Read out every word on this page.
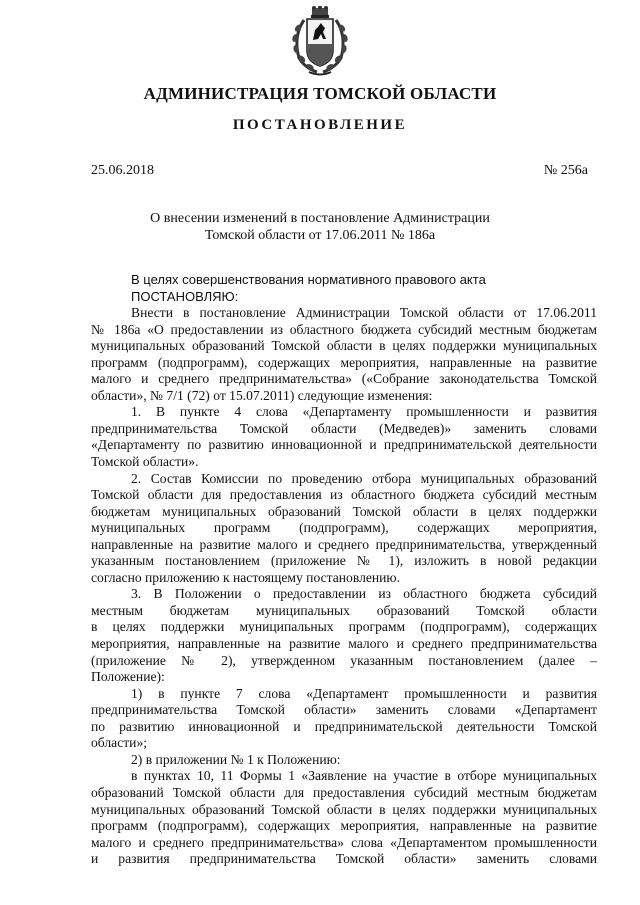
АДМИНИСТРАЦИЯ ТОМСКОЙ ОБЛАСТИ
ПОСТАНОВЛЕНИЕ
25.06.2018	№ 256а
О внесении изменений в постановление Администрации
Томской области от 17.06.2011 № 186а
В целях совершенствования нормативного правового акта
ПОСТАНОВЛЯЮ:
Внести в постановление Администрации Томской области от 17.06.2011
№ 186а «О предоставлении из областного бюджета субсидий местным бюджетам
муниципальных образований Томской области в целях поддержки муниципальных
программ (подпрограмм), содержащих мероприятия, направленные на развитие
малого и среднего предпринимательства» («Собрание законодательства Томской
области», № 7/1 (72) от 15.07.2011) следующие изменения:
1. В пункте 4 слова «Департаменту промышленности и развития
предпринимательства Томской области (Медведев)» заменить словами
«Департаменту по развитию инновационной и предпринимательской деятельности
Томской области».
2. Состав Комиссии по проведению отбора муниципальных образований
Томской области для предоставления из областного бюджета субсидий местным
бюджетам муниципальных образований Томской области в целях поддержки
муниципальных программ (подпрограмм), содержащих мероприятия,
направленные на развитие малого и среднего предпринимательства, утвержденный
указанным постановлением (приложение № 1), изложить в новой редакции
согласно приложению к настоящему постановлению.
3. В Положении о предоставлении из областного бюджета субсидий
местным бюджетам муниципальных образований Томской области
в целях поддержки муниципальных программ (подпрограмм), содержащих
мероприятия, направленные на развитие малого и среднего предпринимательства
(приложение № 2), утвержденном указанным постановлением (далее –
Положение):
1) в пункте 7 слова «Департамент промышленности и развития
предпринимательства Томской области» заменить словами «Департамент
по развитию инновационной и предпринимательской деятельности Томской
области»;
2) в приложении № 1 к Положению:
в пунктах 10, 11 Формы 1 «Заявление на участие в отборе муниципальных
образований Томской области для предоставления субсидий местным бюджетам
муниципальных образований Томской области в целях поддержки муниципальных
программ (подпрограмм), содержащих мероприятия, направленные на развитие
малого и среднего предпринимательства» слова «Департаментом промышленности
и развития предпринимательства Томской области» заменить словами
